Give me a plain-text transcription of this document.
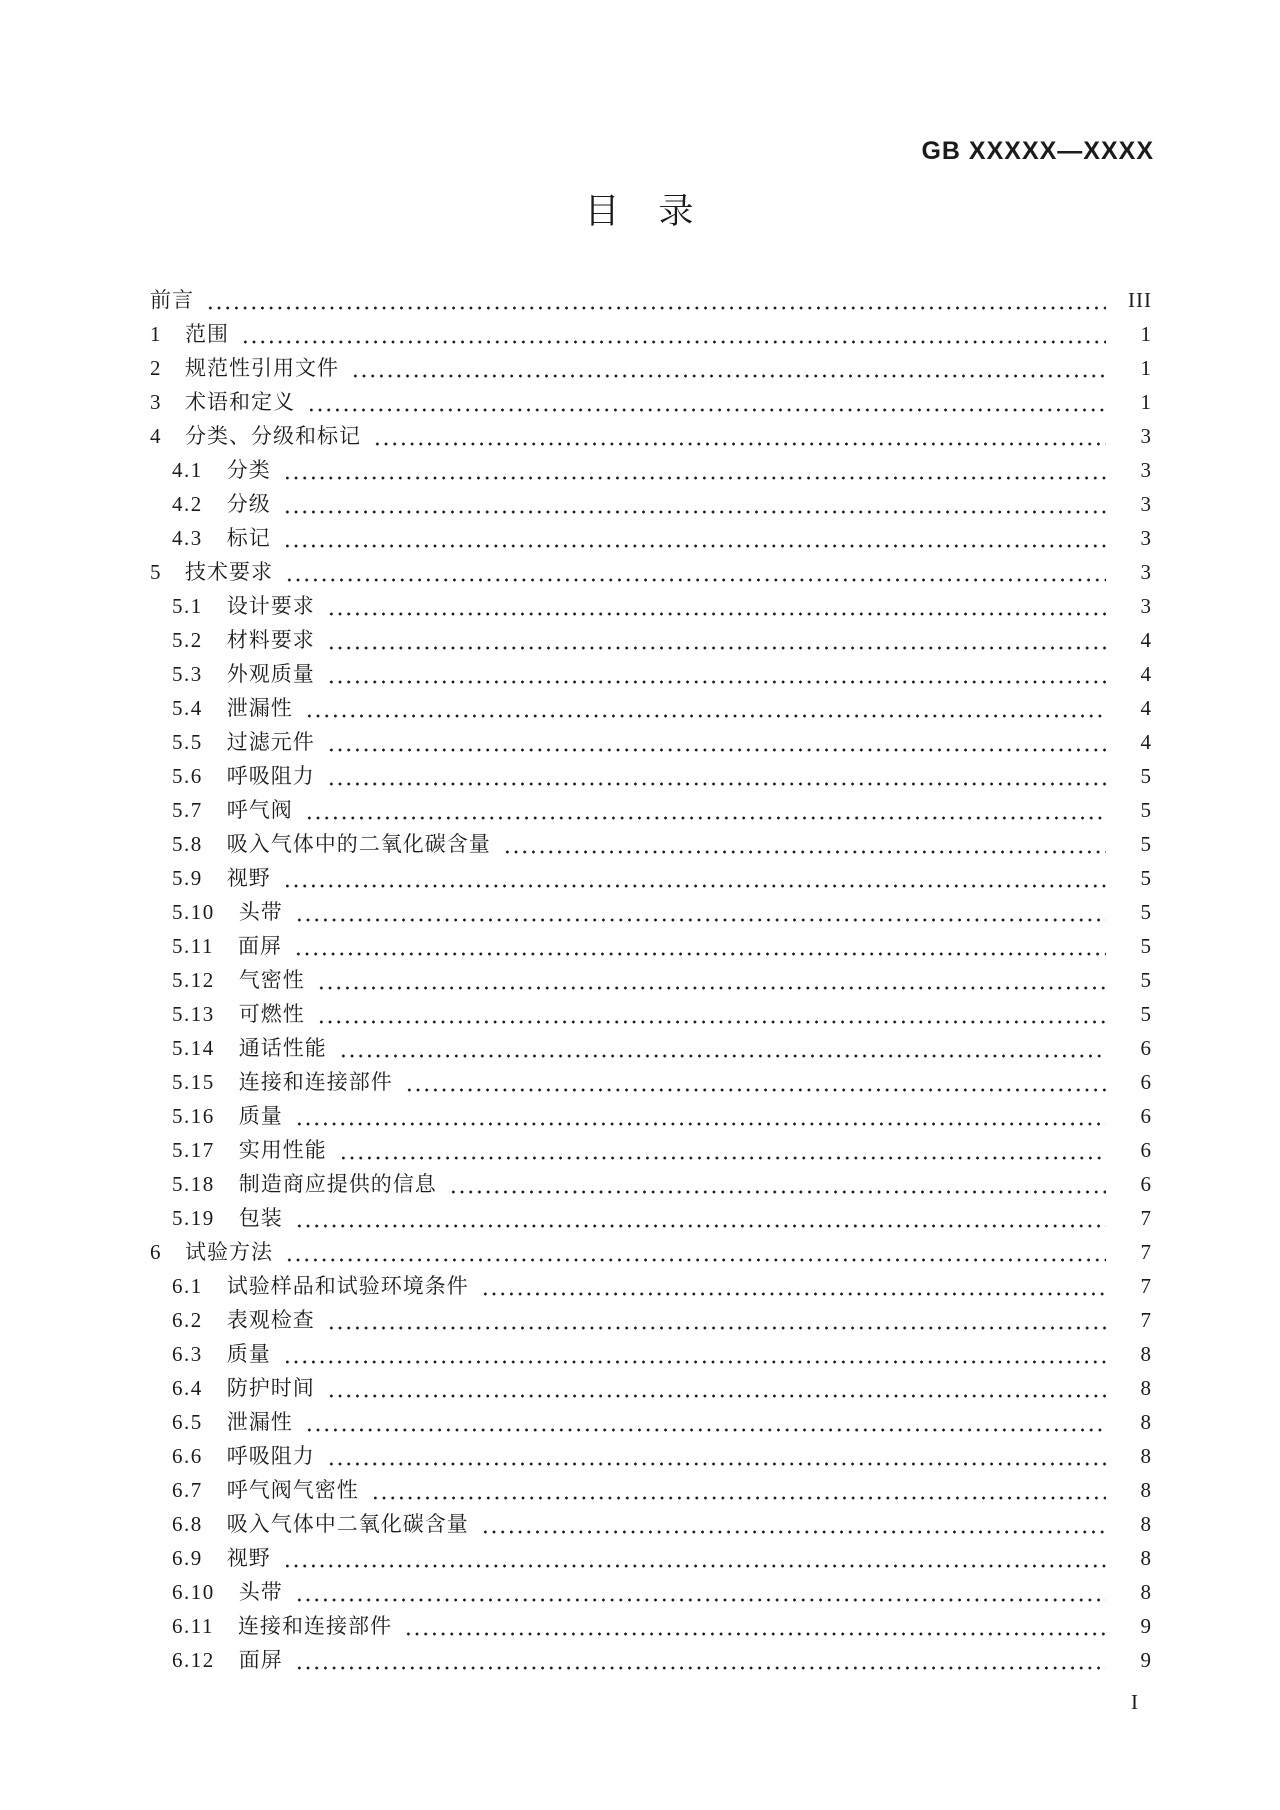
GB XXXXX—XXXX
目　录
前言	III
1 范围	1
2 规范性引用文件	1
3 术语和定义	1
4 分类、分级和标记	3
4.1 分类	3
4.2 分级	3
4.3 标记	3
5 技术要求	3
5.1 设计要求	3
5.2 材料要求	4
5.3 外观质量	4
5.4 泄漏性	4
5.5 过滤元件	4
5.6 呼吸阻力	5
5.7 呼气阀	5
5.8 吸入气体中的二氧化碳含量	5
5.9 视野	5
5.10 头带	5
5.11 面屏	5
5.12 气密性	5
5.13 可燃性	5
5.14 通话性能	6
5.15 连接和连接部件	6
5.16 质量	6
5.17 实用性能	6
5.18 制造商应提供的信息	6
5.19 包装	7
6 试验方法	7
6.1 试验样品和试验环境条件	7
6.2 表观检查	7
6.3 质量	8
6.4 防护时间	8
6.5 泄漏性	8
6.6 呼吸阻力	8
6.7 呼气阀气密性	8
6.8 吸入气体中二氧化碳含量	8
6.9 视野	8
6.10 头带	8
6.11 连接和连接部件	9
6.12 面屏	9
I
